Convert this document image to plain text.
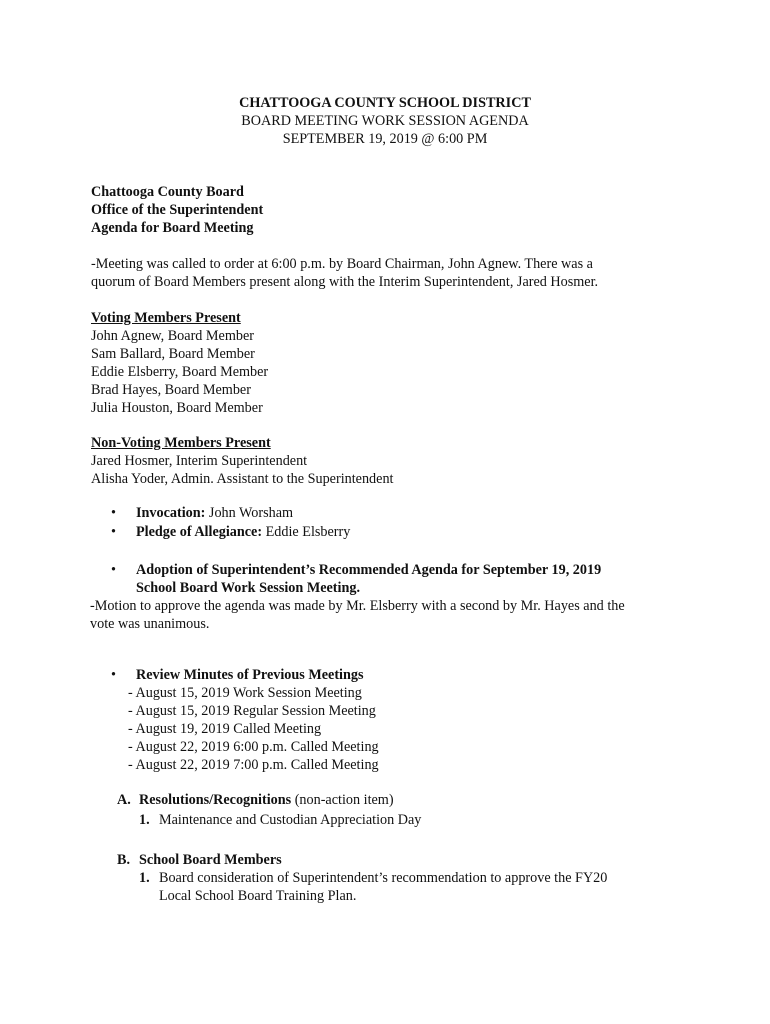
CHATTOOGA COUNTY SCHOOL DISTRICT
BOARD MEETING WORK SESSION AGENDA
SEPTEMBER 19, 2019 @ 6:00 PM
Chattooga County Board
Office of the Superintendent
Agenda for Board Meeting
-Meeting was called to order at 6:00 p.m. by Board Chairman, John Agnew. There was a
quorum of Board Members present along with the Interim Superintendent, Jared Hosmer.
Voting Members Present
John Agnew, Board Member
Sam Ballard, Board Member
Eddie Elsberry, Board Member
Brad Hayes, Board Member
Julia Houston, Board Member
Non-Voting Members Present
Jared Hosmer, Interim Superintendent
Alisha Yoder, Admin. Assistant to the Superintendent
• Invocation: John Worsham
• Pledge of Allegiance: Eddie Elsberry
• Adoption of Superintendent’s Recommended Agenda for September 19, 2019
School Board Work Session Meeting.
-Motion to approve the agenda was made by Mr. Elsberry with a second by Mr. Hayes and the
vote was unanimous.
• Review Minutes of Previous Meetings
- August 15, 2019 Work Session Meeting
- August 15, 2019 Regular Session Meeting
- August 19, 2019 Called Meeting
- August 22, 2019 6:00 p.m. Called Meeting
- August 22, 2019 7:00 p.m. Called Meeting
A. Resolutions/Recognitions (non-action item)
1. Maintenance and Custodian Appreciation Day
B. School Board Members
1. Board consideration of Superintendent’s recommendation to approve the FY20
Local School Board Training Plan.
